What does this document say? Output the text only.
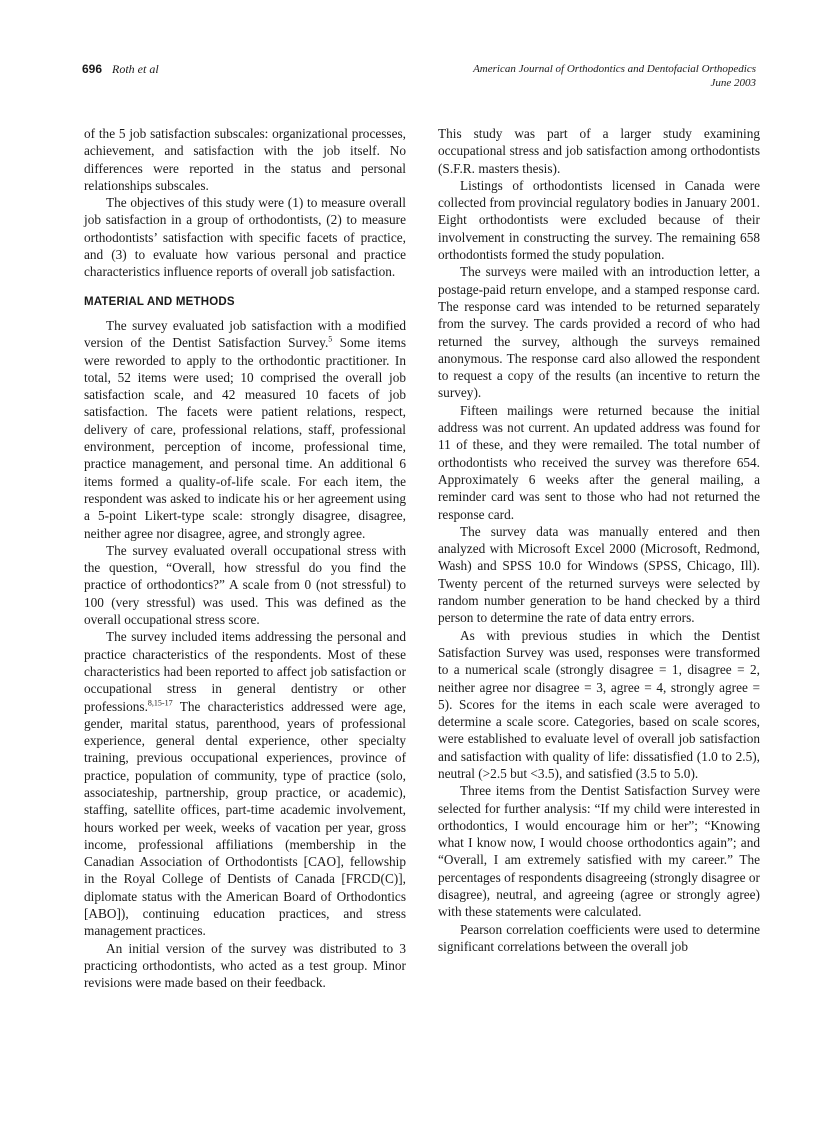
696 Roth et al	American Journal of Orthodontics and Dentofacial Orthopedics
June 2003

of the 5 job satisfaction subscales: organizational processes, achievement, and satisfaction with the job itself. No differences were reported in the status and personal relationships subscales.

The objectives of this study were (1) to measure overall job satisfaction in a group of orthodontists, (2) to measure orthodontists’ satisfaction with specific facets of practice, and (3) to evaluate how various personal and practice characteristics influence reports of overall job satisfaction.

MATERIAL AND METHODS

The survey evaluated job satisfaction with a modified version of the Dentist Satisfaction Survey.$^5$ Some items were reworded to apply to the orthodontic practitioner. In total, 52 items were used; 10 comprised the overall job satisfaction scale, and 42 measured 10 facets of job satisfaction. The facets were patient relations, respect, delivery of care, professional relations, staff, professional environment, perception of income, professional time, practice management, and personal time. An additional 6 items formed a quality-of-life scale. For each item, the respondent was asked to indicate his or her agreement using a 5-point Likert-type scale: strongly disagree, disagree, neither agree nor disagree, agree, and strongly agree.

The survey evaluated overall occupational stress with the question, “Overall, how stressful do you find the practice of orthodontics?” A scale from 0 (not stressful) to 100 (very stressful) was used. This was defined as the overall occupational stress score.

The survey included items addressing the personal and practice characteristics of the respondents. Most of these characteristics had been reported to affect job satisfaction or occupational stress in general dentistry or other professions.$^{8,15-17}$ The characteristics addressed were age, gender, marital status, parenthood, years of professional experience, general dental experience, other specialty training, previous occupational experiences, province of practice, population of community, type of practice (solo, associateship, partnership, group practice, or academic), staffing, satellite offices, part-time academic involvement, hours worked per week, weeks of vacation per year, gross income, professional affiliations (membership in the Canadian Association of Orthodontists [CAO], fellowship in the Royal College of Dentists of Canada [FRCD(C)], diplomate status with the American Board of Orthodontics [ABO]), continuing education practices, and stress management practices.

An initial version of the survey was distributed to 3 practicing orthodontists, who acted as a test group. Minor revisions were made based on their feedback.

This study was part of a larger study examining occupational stress and job satisfaction among orthodontists (S.F.R. masters thesis).

Listings of orthodontists licensed in Canada were collected from provincial regulatory bodies in January 2001. Eight orthodontists were excluded because of their involvement in constructing the survey. The remaining 658 orthodontists formed the study population.

The surveys were mailed with an introduction letter, a postage-paid return envelope, and a stamped response card. The response card was intended to be returned separately from the survey. The cards provided a record of who had returned the survey, although the surveys remained anonymous. The response card also allowed the respondent to request a copy of the results (an incentive to return the survey).

Fifteen mailings were returned because the initial address was not current. An updated address was found for 11 of these, and they were remailed. The total number of orthodontists who received the survey was therefore 654. Approximately 6 weeks after the general mailing, a reminder card was sent to those who had not returned the response card.

The survey data was manually entered and then analyzed with Microsoft Excel 2000 (Microsoft, Redmond, Wash) and SPSS 10.0 for Windows (SPSS, Chicago, Ill). Twenty percent of the returned surveys were selected by random number generation to be hand checked by a third person to determine the rate of data entry errors.

As with previous studies in which the Dentist Satisfaction Survey was used, responses were transformed to a numerical scale (strongly disagree = 1, disagree = 2, neither agree nor disagree = 3, agree = 4, strongly agree = 5). Scores for the items in each scale were averaged to determine a scale score. Categories, based on scale scores, were established to evaluate level of overall job satisfaction and satisfaction with quality of life: dissatisfied (1.0 to 2.5), neutral (>2.5 but <3.5), and satisfied (3.5 to 5.0).

Three items from the Dentist Satisfaction Survey were selected for further analysis: “If my child were interested in orthodontics, I would encourage him or her”; “Knowing what I know now, I would choose orthodontics again”; and “Overall, I am extremely satisfied with my career.” The percentages of respondents disagreeing (strongly disagree or disagree), neutral, and agreeing (agree or strongly agree) with these statements were calculated.

Pearson correlation coefficients were used to determine significant correlations between the overall job
